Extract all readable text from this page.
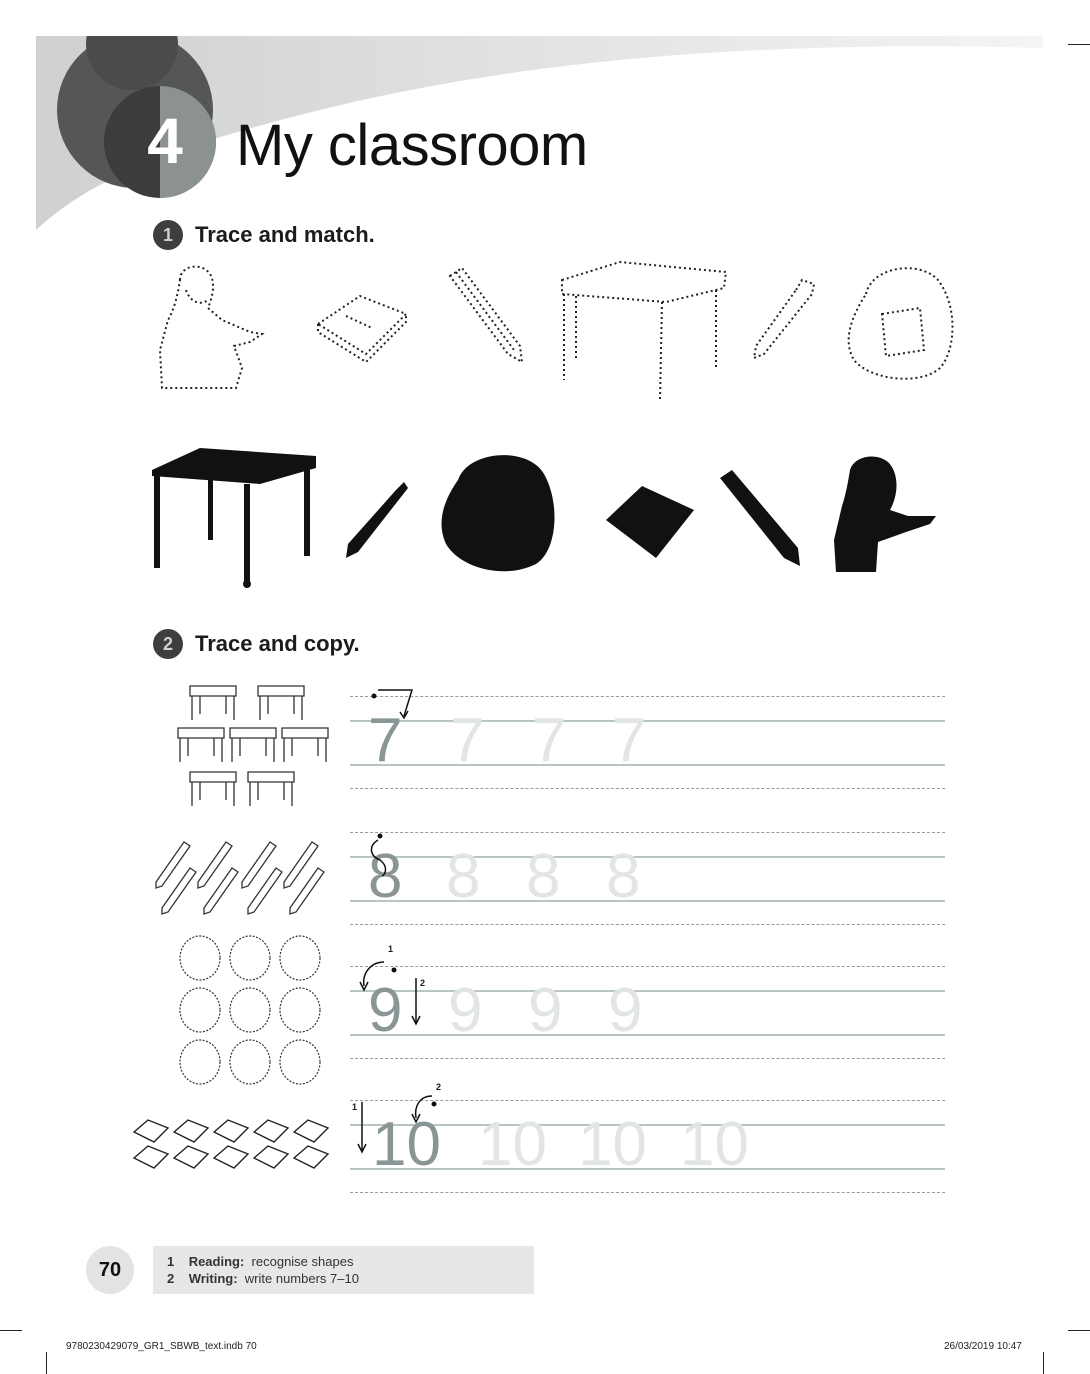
4 My classroom
1	Trace and match.
2	Trace and copy.
7 7 7 7
8 8 8 8
9 9 9 9
1
2
10 10 10 10
1
2
70	1 Reading: recognise shapes
2 Writing: write numbers 7–10
9780230429079_GR1_SBWB_text.indb 70	26/03/2019 10:47
